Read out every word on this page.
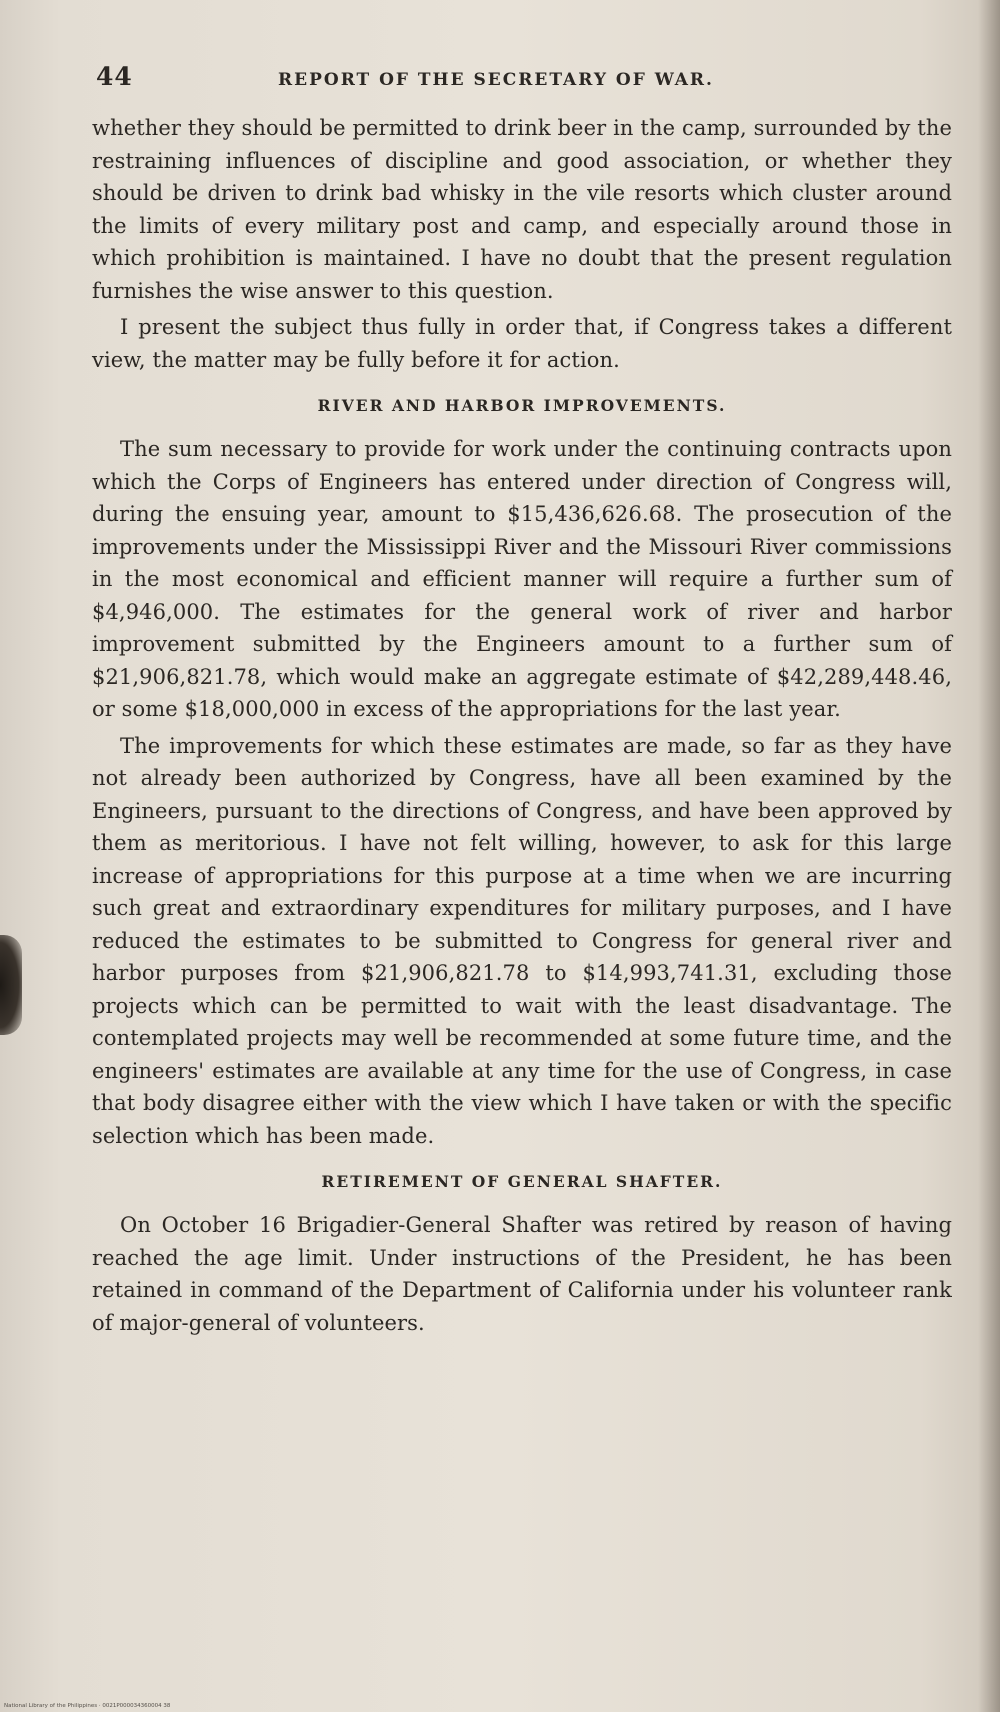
44	REPORT OF THE SECRETARY OF WAR.

whether they should be permitted to drink beer in the camp, surrounded by the restraining influences of discipline and good association, or whether they should be driven to drink bad whisky in the vile resorts which cluster around the limits of every military post and camp, and especially around those in which prohibition is maintained. I have no doubt that the present regulation furnishes the wise answer to this question.

I present the subject thus fully in order that, if Congress takes a different view, the matter may be fully before it for action.

RIVER AND HARBOR IMPROVEMENTS.

The sum necessary to provide for work under the continuing contracts upon which the Corps of Engineers has entered under direction of Congress will, during the ensuing year, amount to $15,436,626.68. The prosecution of the improvements under the Mississippi River and the Missouri River commissions in the most economical and efficient manner will require a further sum of $4,946,000. The estimates for the general work of river and harbor improvement submitted by the Engineers amount to a further sum of $21,906,821.78, which would make an aggregate estimate of $42,289,448.46, or some $18,000,000 in excess of the appropriations for the last year.

The improvements for which these estimates are made, so far as they have not already been authorized by Congress, have all been examined by the Engineers, pursuant to the directions of Congress, and have been approved by them as meritorious. I have not felt willing, however, to ask for this large increase of appropriations for this purpose at a time when we are incurring such great and extraordinary expenditures for military purposes, and I have reduced the estimates to be submitted to Congress for general river and harbor purposes from $21,906,821.78 to $14,993,741.31, excluding those projects which can be permitted to wait with the least disadvantage. The contemplated projects may well be recommended at some future time, and the engineers' estimates are available at any time for the use of Congress, in case that body disagree either with the view which I have taken or with the specific selection which has been made.

RETIREMENT OF GENERAL SHAFTER.

On October 16 Brigadier-General Shafter was retired by reason of having reached the age limit. Under instructions of the President, he has been retained in command of the Department of California under his volunteer rank of major-general of volunteers.

National Library of the Philippines · 0021P000034360004 38
